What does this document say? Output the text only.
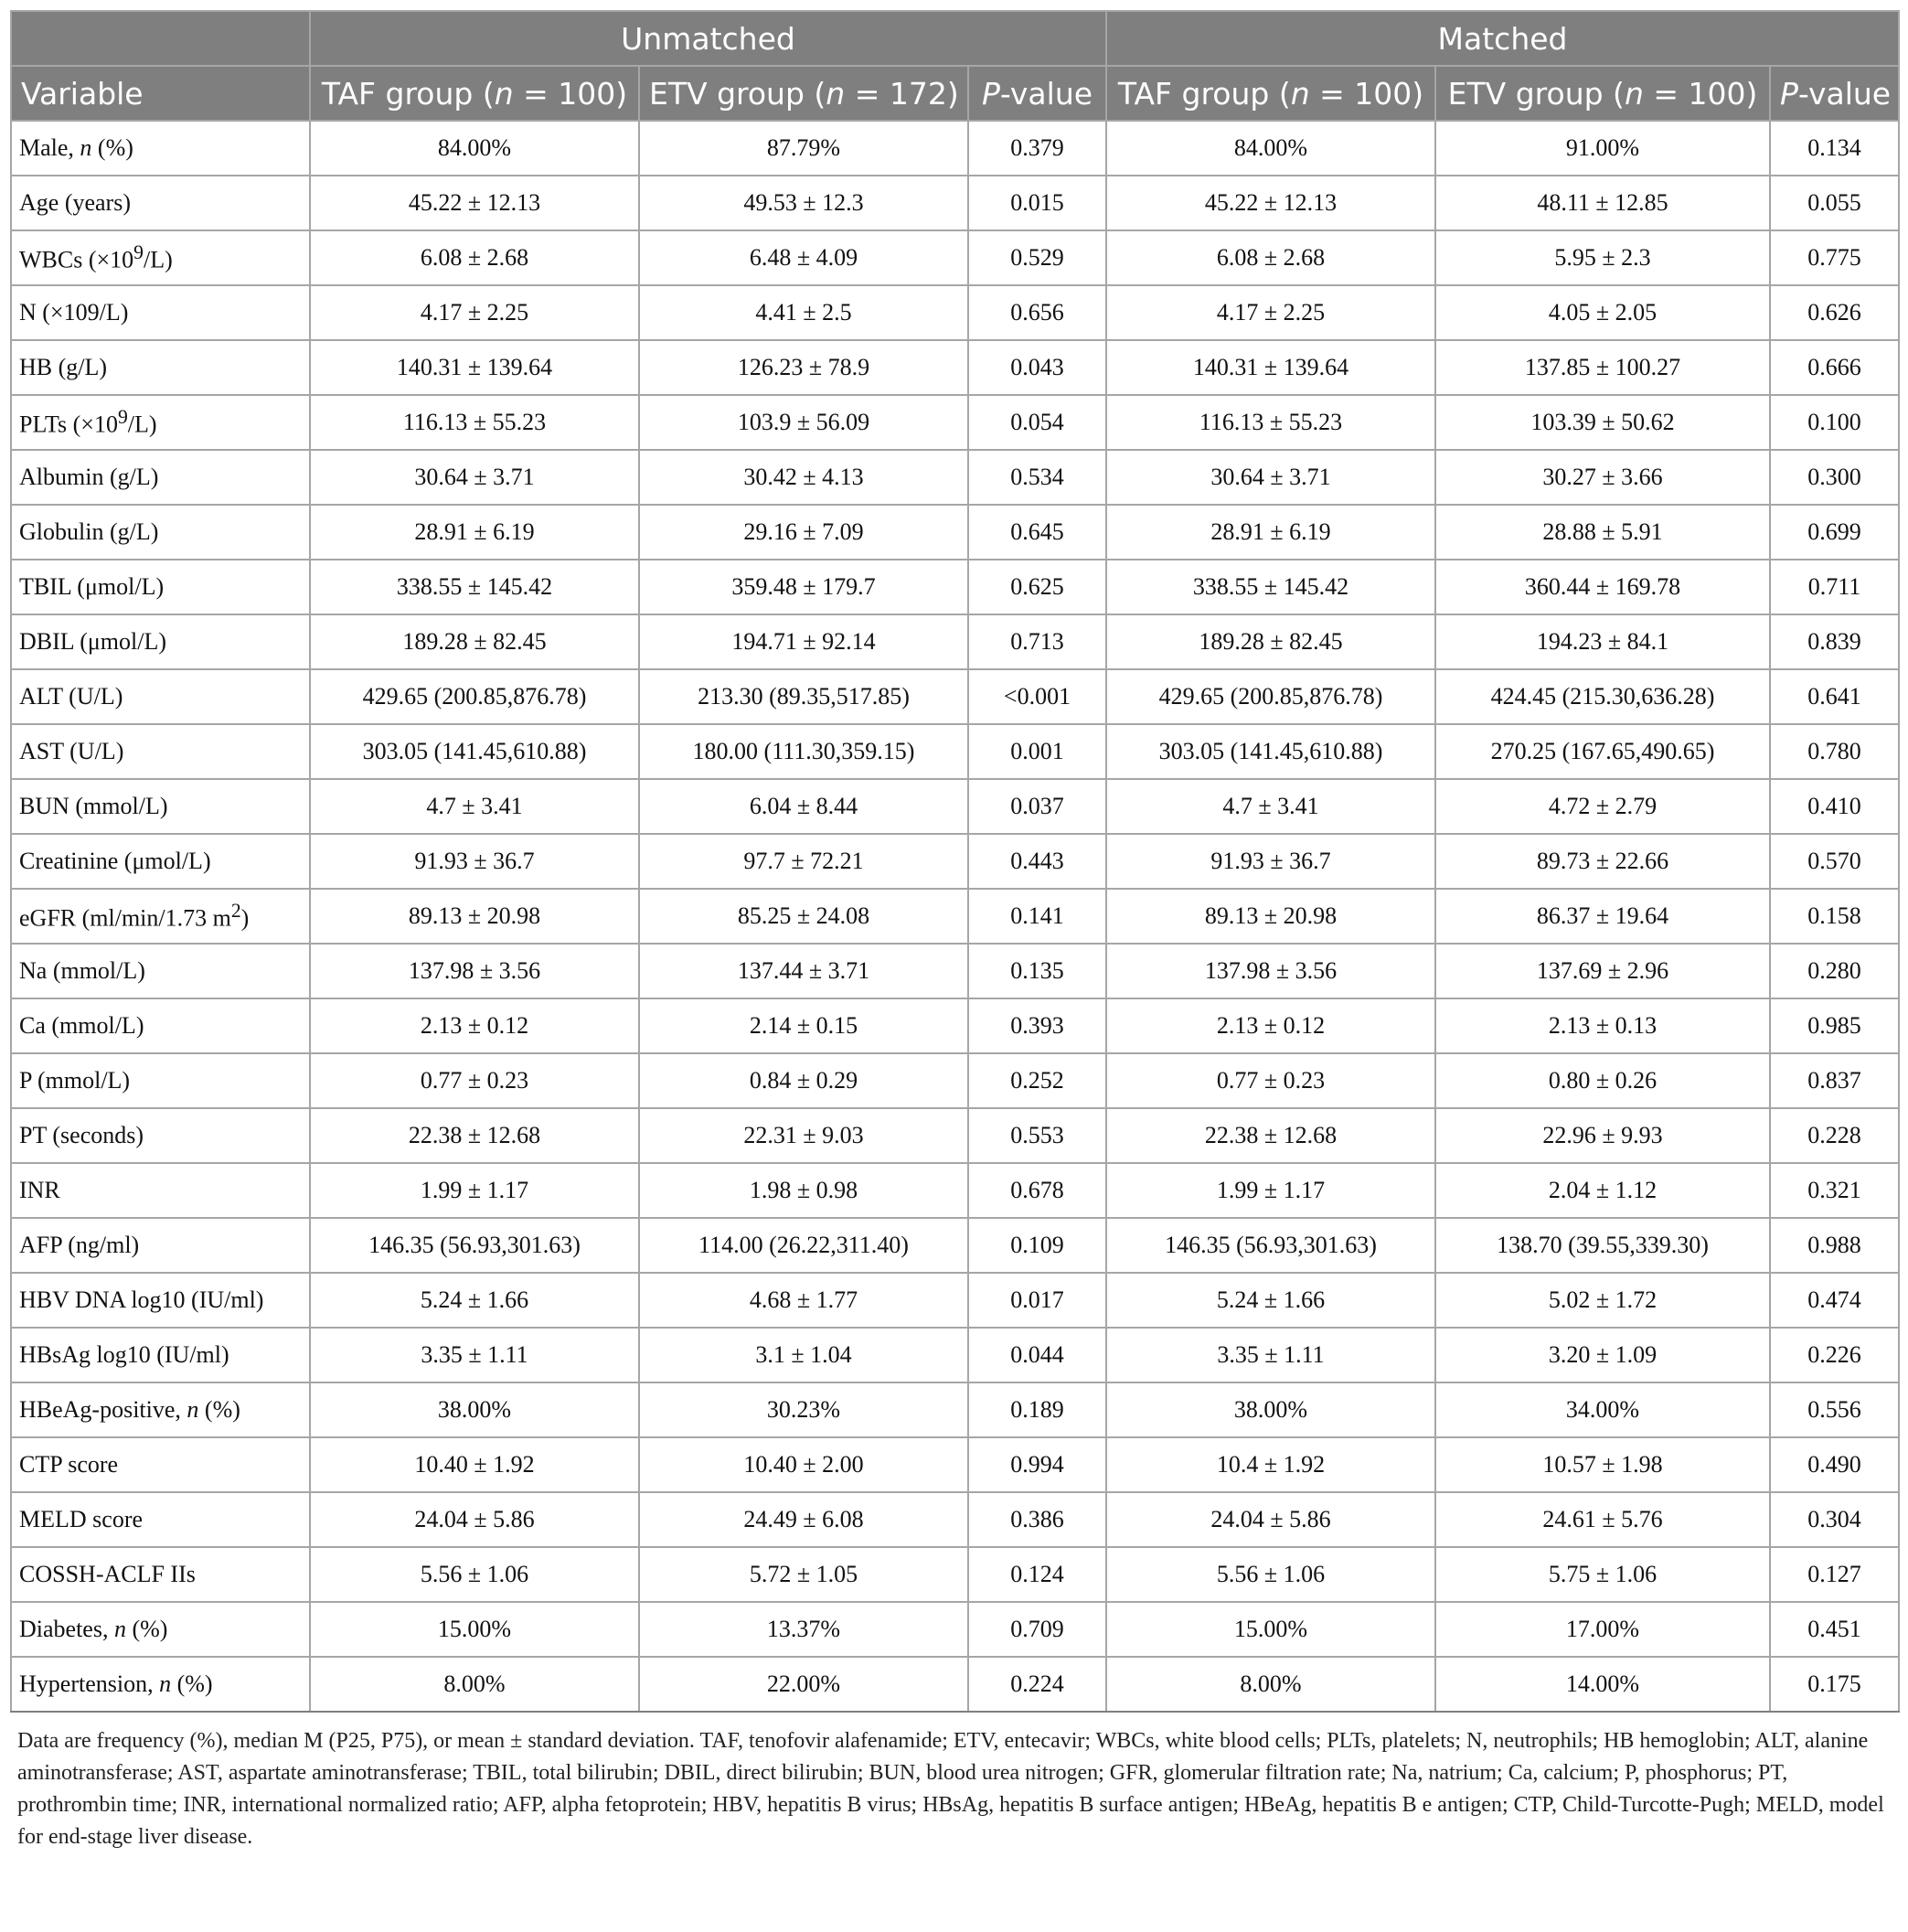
	Unmatched			Matched		
Variable	TAF group (n = 100)	ETV group (n = 172)	P-value	TAF group (n = 100)	ETV group (n = 100)	P-value
Male, n (%)	84.00%	87.79%	0.379	84.00%	91.00%	0.134
Age (years)	45.22 ± 12.13	49.53 ± 12.3	0.015	45.22 ± 12.13	48.11 ± 12.85	0.055
WBCs $(\times 10^9/L)$	6.08 ± 2.68	6.48 ± 4.09	0.529	6.08 ± 2.68	5.95 ± 2.3	0.775
N (×109/L)	4.17 ± 2.25	4.41 ± 2.5	0.656	4.17 ± 2.25	4.05 ± 2.05	0.626
HB (g/L)	140.31 ± 139.64	126.23 ± 78.9	0.043	140.31 ± 139.64	137.85 ± 100.27	0.666
PLTs $(\times 10^9/L)$	116.13 ± 55.23	103.9 ± 56.09	0.054	116.13 ± 55.23	103.39 ± 50.62	0.100
Albumin (g/L)	30.64 ± 3.71	30.42 ± 4.13	0.534	30.64 ± 3.71	30.27 ± 3.66	0.300
Globulin (g/L)	28.91 ± 6.19	29.16 ± 7.09	0.645	28.91 ± 6.19	28.88 ± 5.91	0.699
TBIL (μmol/L)	338.55 ± 145.42	359.48 ± 179.7	0.625	338.55 ± 145.42	360.44 ± 169.78	0.711
DBIL (μmol/L)	189.28 ± 82.45	194.71 ± 92.14	0.713	189.28 ± 82.45	194.23 ± 84.1	0.839
ALT (U/L)	429.65 (200.85,876.78)	213.30 (89.35,517.85)	<0.001	429.65 (200.85,876.78)	424.45 (215.30,636.28)	0.641
AST (U/L)	303.05 (141.45,610.88)	180.00 (111.30,359.15)	0.001	303.05 (141.45,610.88)	270.25 (167.65,490.65)	0.780
BUN (mmol/L)	4.7 ± 3.41	6.04 ± 8.44	0.037	4.7 ± 3.41	4.72 ± 2.79	0.410
Creatinine (μmol/L)	91.93 ± 36.7	97.7 ± 72.21	0.443	91.93 ± 36.7	89.73 ± 22.66	0.570
eGFR (ml/min/1.73 $m^2$)	89.13 ± 20.98	85.25 ± 24.08	0.141	89.13 ± 20.98	86.37 ± 19.64	0.158
Na (mmol/L)	137.98 ± 3.56	137.44 ± 3.71	0.135	137.98 ± 3.56	137.69 ± 2.96	0.280
Ca (mmol/L)	2.13 ± 0.12	2.14 ± 0.15	0.393	2.13 ± 0.12	2.13 ± 0.13	0.985
P (mmol/L)	0.77 ± 0.23	0.84 ± 0.29	0.252	0.77 ± 0.23	0.80 ± 0.26	0.837
PT (seconds)	22.38 ± 12.68	22.31 ± 9.03	0.553	22.38 ± 12.68	22.96 ± 9.93	0.228
INR	1.99 ± 1.17	1.98 ± 0.98	0.678	1.99 ± 1.17	2.04 ± 1.12	0.321
AFP (ng/ml)	146.35 (56.93,301.63)	114.00 (26.22,311.40)	0.109	146.35 (56.93,301.63)	138.70 (39.55,339.30)	0.988
HBV DNA log10 (IU/ml)	5.24 ± 1.66	4.68 ± 1.77	0.017	5.24 ± 1.66	5.02 ± 1.72	0.474
HBsAg log10 (IU/ml)	3.35 ± 1.11	3.1 ± 1.04	0.044	3.35 ± 1.11	3.20 ± 1.09	0.226
HBeAg-positive, n (%)	38.00%	30.23%	0.189	38.00%	34.00%	0.556
CTP score	10.40 ± 1.92	10.40 ± 2.00	0.994	10.4 ± 1.92	10.57 ± 1.98	0.490
MELD score	24.04 ± 5.86	24.49 ± 6.08	0.386	24.04 ± 5.86	24.61 ± 5.76	0.304
COSSH-ACLF IIs	5.56 ± 1.06	5.72 ± 1.05	0.124	5.56 ± 1.06	5.75 ± 1.06	0.127
Diabetes, n (%)	15.00%	13.37%	0.709	15.00%	17.00%	0.451
Hypertension, n (%)	8.00%	22.00%	0.224	8.00%	14.00%	0.175
Data are frequency (%), median M (P25, P75), or mean ± standard deviation. TAF, tenofovir alafenamide; ETV, entecavir; WBCs, white blood cells; PLTs, platelets; N, neutrophils; HB hemoglobin; ALT, alanine aminotransferase; AST, aspartate aminotransferase; TBIL, total bilirubin; DBIL, direct bilirubin; BUN, blood urea nitrogen; GFR, glomerular filtration rate; Na, natrium; Ca, calcium; P, phosphorus; PT, prothrombin time; INR, international normalized ratio; AFP, alpha fetoprotein; HBV, hepatitis B virus; HBsAg, hepatitis B surface antigen; HBeAg, hepatitis B e antigen; CTP, Child-Turcotte-Pugh; MELD, model for end-stage liver disease.
